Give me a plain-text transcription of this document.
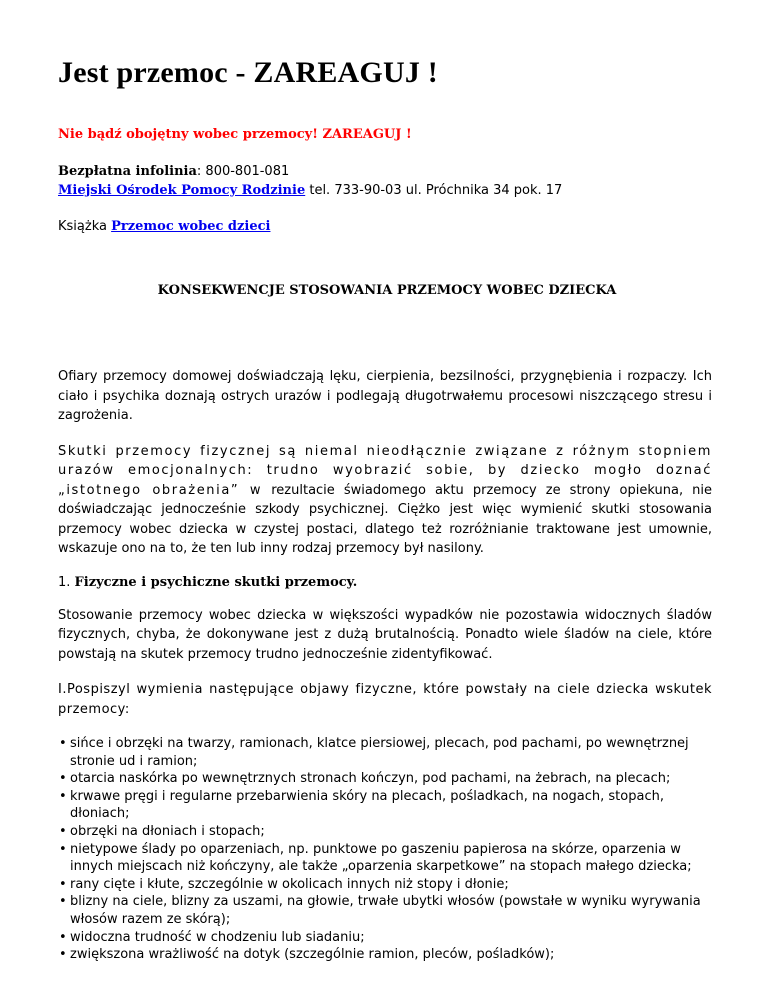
Jest przemoc - ZAREAGUJ !
Nie bądź obojętny wobec przemocy! ZAREAGUJ !
Bezpłatna infolinia: 800-801-081
Miejski Ośrodek Pomocy Rodzinie tel. 733-90-03 ul. Próchnika 34 pok. 17
Książka Przemoc wobec dzieci
KONSEKWENCJE STOSOWANIA PRZEMOCY WOBEC DZIECKA
Ofiary przemocy domowej doświadczają lęku, cierpienia, bezsilności, przygnębienia i rozpaczy. Ich ciało i psychika doznają ostrych urazów i podlegają długotrwałemu procesowi niszczącego stresu i zagrożenia.
Skutki przemocy fizycznej są niemal nieodłącznie związane z różnym stopniem urazów emocjonalnych: trudno wyobrazić sobie, by dziecko mogło doznać „istotnego obrażenia” w rezultacie świadomego aktu przemocy ze strony opiekuna, nie doświadczając jednocześnie szkody psychicznej. Ciężko jest więc wymienić skutki stosowania przemocy wobec dziecka w czystej postaci, dlatego też rozróżnianie traktowane jest umownie, wskazuje ono na to, że ten lub inny rodzaj przemocy był nasilony.
1. Fizyczne i psychiczne skutki przemocy.
Stosowanie przemocy wobec dziecka w większości wypadków nie pozostawia widocznych śladów fizycznych, chyba, że dokonywane jest z dużą brutalnością. Ponadto wiele śladów na ciele, które powstają na skutek przemocy trudno jednocześnie zidentyfikować.
I.Pospiszyl wymienia następujące objawy fizyczne, które powstały na ciele dziecka wskutek przemocy:
• sińce i obrzęki na twarzy, ramionach, klatce piersiowej, plecach, pod pachami, po wewnętrznej stronie ud i ramion;
• otarcia naskórka po wewnętrznych stronach kończyn, pod pachami, na żebrach, na plecach;
• krwawe pręgi i regularne przebarwienia skóry na plecach, pośladkach, na nogach, stopach, dłoniach;
• obrzęki na dłoniach i stopach;
• nietypowe ślady po oparzeniach, np. punktowe po gaszeniu papierosa na skórze, oparzenia w innych miejscach niż kończyny, ale także „oparzenia skarpetkowe” na stopach małego dziecka;
• rany cięte i kłute, szczególnie w okolicach innych niż stopy i dłonie;
• blizny na ciele, blizny za uszami, na głowie, trwałe ubytki włosów (powstałe w wyniku wyrywania włosów razem ze skórą);
• widoczna trudność w chodzeniu lub siadaniu;
• zwiększona wrażliwość na dotyk (szczególnie ramion, pleców, pośladków);
